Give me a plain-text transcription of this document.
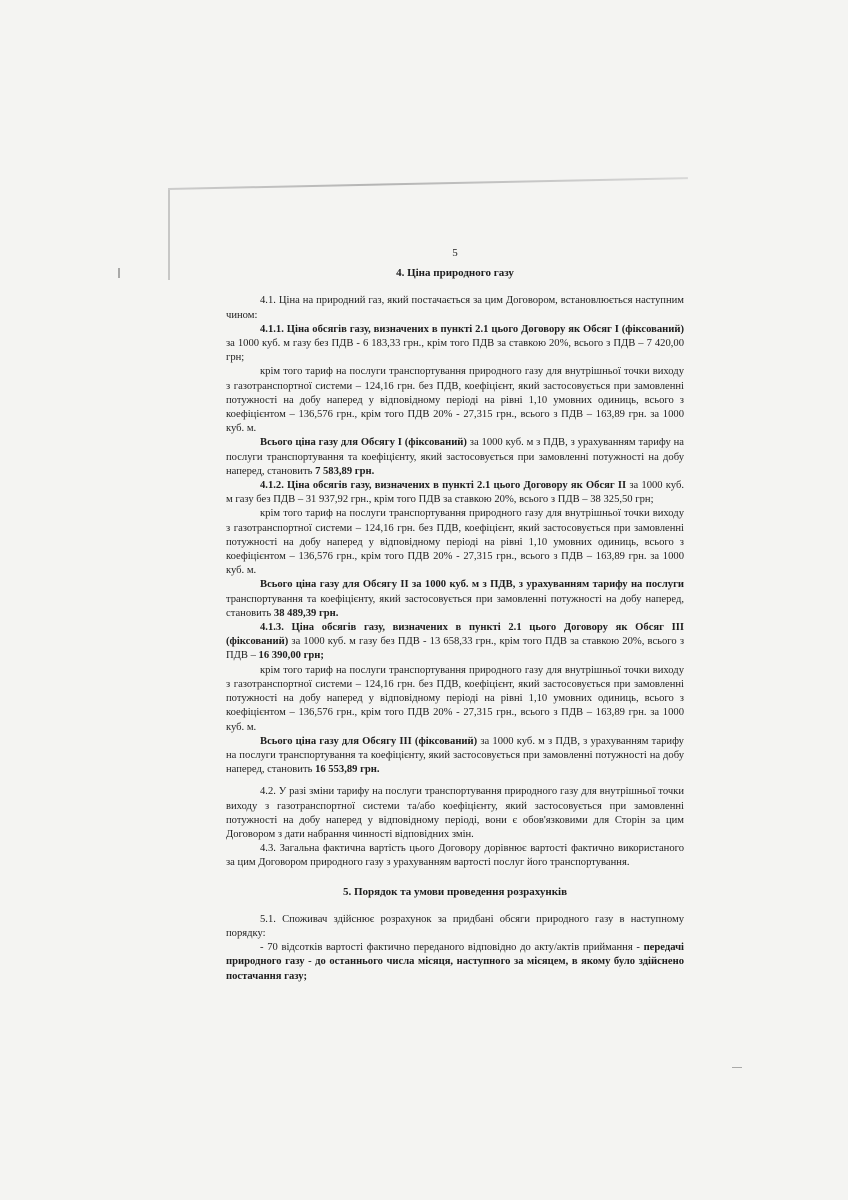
5
4. Ціна природного газу

4.1. Ціна на природний газ, який постачається за цим Договором, встановлюється наступним чином:

4.1.1. Ціна обсягів газу, визначених в пункті 2.1 цього Договору як Обсяг І (фіксований) за 1000 куб. м газу без ПДВ - 6 183,33 грн., крім того ПДВ за ставкою 20%, всього з ПДВ – 7 420,00 грн;

крім того тариф на послуги транспортування природного газу для внутрішньої точки виходу з газотранспортної системи – 124,16 грн. без ПДВ, коефіцієнт, який застосовується при замовленні потужності на добу наперед у відповідному періоді на рівні 1,10 умовних одиниць, всього з коефіцієнтом – 136,576 грн., крім того ПДВ 20% - 27,315 грн., всього з ПДВ – 163,89 грн. за 1000 куб. м.

Всього ціна газу для Обсягу І (фіксований) за 1000 куб. м з ПДВ, з урахуванням тарифу на послуги транспортування та коефіцієнту, який застосовується при замовленні потужності на добу наперед, становить 7 583,89 грн.

4.1.2. Ціна обсягів газу, визначених в пункті 2.1 цього Договору як Обсяг ІІ за 1000 куб. м газу без ПДВ – 31 937,92 грн., крім того ПДВ за ставкою 20%, всього з ПДВ – 38 325,50 грн;

крім того тариф на послуги транспортування природного газу для внутрішньої точки виходу з газотранспортної системи – 124,16 грн. без ПДВ, коефіцієнт, який застосовується при замовленні потужності на добу наперед у відповідному періоді на рівні 1,10 умовних одиниць, всього з коефіцієнтом – 136,576 грн., крім того ПДВ 20% - 27,315 грн., всього з ПДВ – 163,89 грн. за 1000 куб. м.

Всього ціна газу для Обсягу ІІ за 1000 куб. м з ПДВ, з урахуванням тарифу на послуги транспортування та коефіцієнту, який застосовується при замовленні потужності на добу наперед, становить 38 489,39 грн.

4.1.3. Ціна обсягів газу, визначених в пункті 2.1 цього Договору як Обсяг ІІІ (фіксований) за 1000 куб. м газу без ПДВ - 13 658,33 грн., крім того ПДВ за ставкою 20%, всього з ПДВ – 16 390,00 грн;

крім того тариф на послуги транспортування природного газу для внутрішньої точки виходу з газотранспортної системи – 124,16 грн. без ПДВ, коефіцієнт, який застосовується при замовленні потужності на добу наперед у відповідному періоді на рівні 1,10 умовних одиниць, всього з коефіцієнтом – 136,576 грн., крім того ПДВ 20% - 27,315 грн., всього з ПДВ – 163,89 грн. за 1000 куб. м.

Всього ціна газу для Обсягу ІІІ (фіксований) за 1000 куб. м з ПДВ, з урахуванням тарифу на послуги транспортування та коефіцієнту, який застосовується при замовленні потужності на добу наперед, становить 16 553,89 грн.

4.2. У разі зміни тарифу на послуги транспортування природного газу для внутрішньої точки виходу з газотранспортної системи та/або коефіцієнту, який застосовується при замовленні потужності на добу наперед у відповідному періоді, вони є обов'язковими для Сторін за цим Договором з дати набрання чинності відповідних змін.

4.3. Загальна фактична вартість цього Договору дорівнює вартості фактично використаного за цим Договором природного газу з урахуванням вартості послуг його транспортування.

5. Порядок та умови проведення розрахунків

5.1. Споживач здійснює розрахунок за придбані обсяги природного газу в наступному порядку:

- 70 відсотків вартості фактично переданого відповідно до акту/актів приймання - передачі природного газу - до останнього числа місяця, наступного за місяцем, в якому було здійснено постачання газу;
